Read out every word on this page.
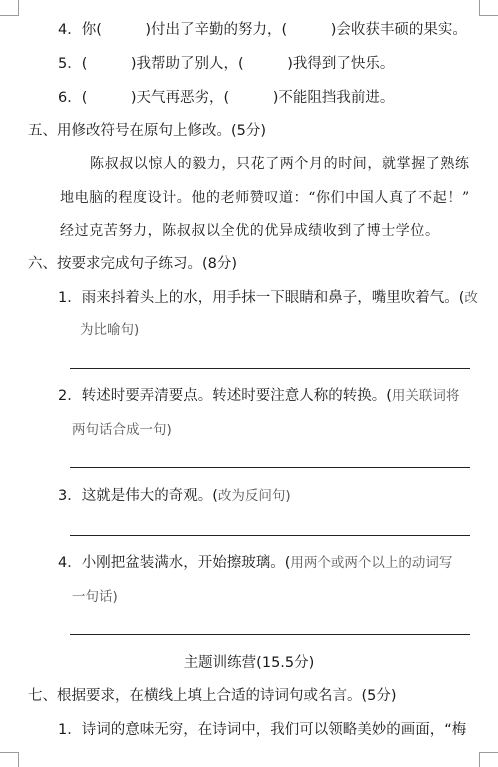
4．你(　　　)付出了辛勤的努力，(　　　)会收获丰硕的果实。
5．(　　　)我帮助了别人，(　　　)我得到了快乐。
6．(　　　)天气再恶劣，(　　　)不能阻挡我前进。
五、用修改符号在原句上修改。(5分)
陈叔叔以惊人的毅力，只花了两个月的时间，就掌握了熟练
地电脑的程度设计。他的老师赞叹道：“你们中国人真了不起！”
经过克苦努力，陈叔叔以全优的优异成绩收到了博士学位。
六、按要求完成句子练习。(8分)
1．雨来抖着头上的水，用手抹一下眼睛和鼻子，嘴里吹着气。(改
为比喻句)
2．转述时要弄清要点。转述时要注意人称的转换。(用关联词将
两句话合成一句)
3．这就是伟大的奇观。(改为反问句)
4．小刚把盆装满水，开始擦玻璃。(用两个或两个以上的动词写
一句话)
主题训练营(15.5分)
七、根据要求，在横线上填上合适的诗词句或名言。(5分)
1．诗词的意味无穷，在诗词中，我们可以领略美妙的画面，“梅
